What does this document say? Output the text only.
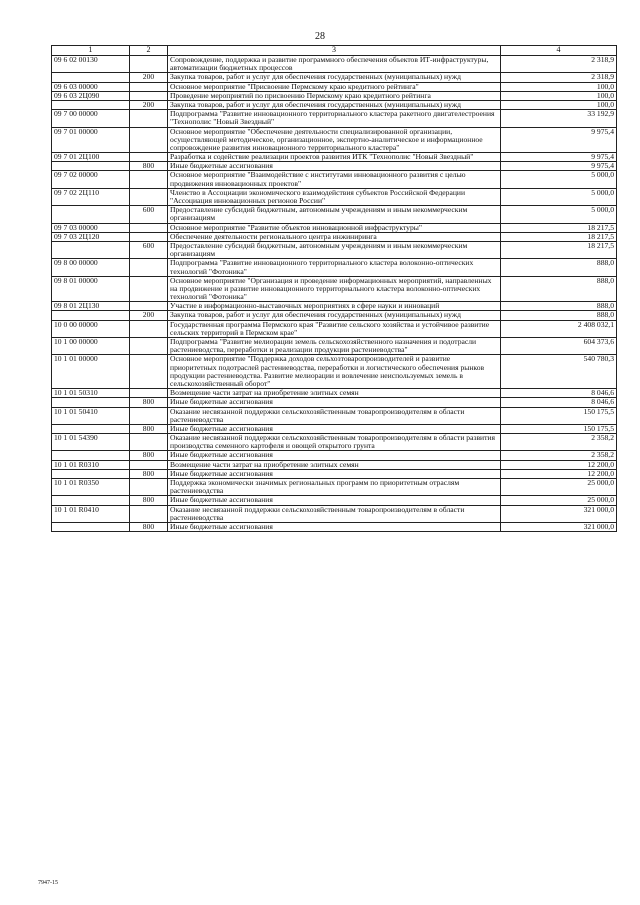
28
1	2	3	4
09 6 02 00130		Сопровождение, поддержка и развитие программного обеспечения объектов ИТ-инфраструктуры, автоматизации бюджетных процессов	2 318,9
	200	Закупка товаров, работ и услуг для обеспечения государственных (муниципальных) нужд	2 318,9
09 6 03 00000		Основное мероприятие "Присвоение Пермскому краю кредитного рейтинга"	100,0
09 6 03 2Ц090		Проведение мероприятий по присвоению Пермскому краю кредитного рейтинга	100,0
	200	Закупка товаров, работ и услуг для обеспечения государственных (муниципальных) нужд	100,0
09 7 00 00000		Подпрограмма "Развитие инновационного территориального кластера ракетного двигателестроения "Технополис "Новый Звездный"	33 192,9
09 7 01 00000		Основное мероприятие "Обеспечение деятельности специализированной организации, осуществляющей методическое, организационное, экспертно-аналитическое и информационное сопровождение развития инновационного территориального кластера"	9 975,4
09 7 01 2Ц100		Разработка и содействие реализации проектов развития ИТК "Технополис "Новый Звездный"	9 975,4
	800	Иные бюджетные ассигнования	9 975,4
09 7 02 00000		Основное мероприятие "Взаимодействие с институтами инновационного развития с целью продвижения инновационных проектов"	5 000,0
09 7 02 2Ц110		Членство в Ассоциации экономического взаимодействия субъектов Российской Федерации "Ассоциация инновационных регионов России"	5 000,0
	600	Предоставление субсидий бюджетным, автономным учреждениям и иным некоммерческим организациям	5 000,0
09 7 03 00000		Основное мероприятие "Развитие объектов инновационной инфраструктуры"	18 217,5
09 7 03 2Ц120		Обеспечение деятельности регионального центра инжиниринга	18 217,5
	600	Предоставление субсидий бюджетным, автономным учреждениям и иным некоммерческим организациям	18 217,5
09 8 00 00000		Подпрограмма "Развитие инновационного территориального кластера волоконно-оптических технологий "Фотоника"	888,0
09 8 01 00000		Основное мероприятие "Организация и проведение информационных мероприятий, направленных на продвижение и развитие инновационного территориального кластера волоконно-оптических технологий "Фотоника"	888,0
09 8 01 2Ц130		Участие в информационно-выставочных мероприятиях в сфере науки и инноваций	888,0
	200	Закупка товаров, работ и услуг для обеспечения государственных (муниципальных) нужд	888,0
10 0 00 00000		Государственная программа Пермского края "Развитие сельского хозяйства и устойчивое развитие сельских территорий в Пермском крае"	2 408 032,1
10 1 00 00000		Подпрограмма "Развитие мелиорации земель сельскохозяйственного назначения и подотрасли растениеводства, переработки и реализации продукции растениеводства"	604 373,6
10 1 01 00000		Основное мероприятие "Поддержка доходов сельхозтоваропроизводителей и развитие приоритетных подотраслей растениеводства, переработки и логистического обеспечения рынков продукции растениеводства. Развитие мелиорации и вовлечение неиспользуемых земель в сельскохозяйственный оборот"	540 780,3
10 1 01 50310		Возмещение части затрат на приобретение элитных семян	8 046,6
	800	Иные бюджетные ассигнования	8 046,6
10 1 01 50410		Оказание несвязанной поддержки сельскохозяйственным товаропроизводителям в области растениеводства	150 175,5
	800	Иные бюджетные ассигнования	150 175,5
10 1 01 54390		Оказание несвязанной поддержки сельскохозяйственным товаропроизводителям в области развития производства семенного картофеля и овощей открытого грунта	2 358,2
	800	Иные бюджетные ассигнования	2 358,2
10 1 01 R0310		Возмещение части затрат на приобретение элитных семян	12 200,0
	800	Иные бюджетные ассигнования	12 200,0
10 1 01 R0350		Поддержка экономически значимых региональных программ по приоритетным отраслям растениеводства	25 000,0
	800	Иные бюджетные ассигнования	25 000,0
10 1 01 R0410		Оказание несвязанной поддержки сельскохозяйственным товаропроизводителям в области растениеводства	321 000,0
	800	Иные бюджетные ассигнования	321 000,0
7947-15
